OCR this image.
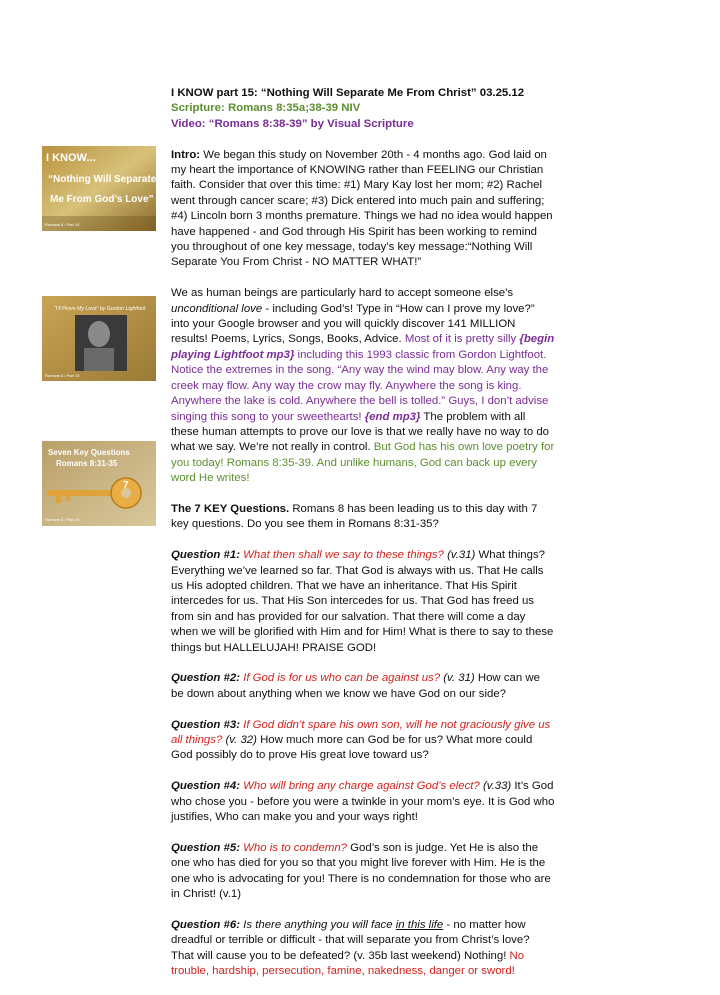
I KNOW...
“Nothing Will Separate
Me From God’s Love”
Romans 8 / Part 15
“I’ll Prove My Love” by Gordon Lightfoot
Romans 8 / Part 15
Seven Key Questions
Romans 8:31-35
7
Romans 8 / Part 15

I KNOW part 15: “Nothing Will Separate Me From Christ” 03.25.12

Scripture: Romans 8:35a;38-39 NIV

Video: “Romans 8:38-39” by Visual Scripture

Intro: We began this study on November 20th - 4 months ago. God laid on my heart the importance of KNOWING rather than FEELING our Christian faith. Consider that over this time: #1) Mary Kay lost her mom; #2) Rachel went through cancer scare; #3) Dick entered into much pain and suffering; #4) Lincoln born 3 months premature. Things we had no idea would happen have happened - and God through His Spirit has been working to remind you throughout of one key message, today’s key message:“Nothing Will Separate You From Christ - NO MATTER WHAT!”

We as human beings are particularly hard to accept someone else’s unconditional love - including God’s! Type in “How can I prove my love?” into your Google browser and you will quickly discover 141 MILLION results! Poems, Lyrics, Songs, Books, Advice. Most of it is pretty silly {begin playing Lightfoot mp3} including this 1993 classic from Gordon Lightfoot. Notice the extremes in the song. “Any way the wind may blow. Any way the creek may flow. Any way the crow may fly. Anywhere the song is king. Anywhere the lake is cold. Anywhere the bell is tolled.” Guys, I don’t advise singing this song to your sweethearts! {end mp3} The problem with all these human attempts to prove our love is that we really have no way to do what we say. We’re not really in control. But God has his own love poetry for you today! Romans 8:35-39. And unlike humans, God can back up every word He writes!

The 7 KEY Questions. Romans 8 has been leading us to this day with 7 key questions. Do you see them in Romans 8:31-35?

Question #1: What then shall we say to these things? (v.31) What things? Everything we’ve learned so far. That God is always with us. That He calls us His adopted children. That we have an inheritance. That His Spirit intercedes for us. That His Son intercedes for us. That God has freed us from sin and has provided for our salvation. That there will come a day when we will be glorified with Him and for Him! What is there to say to these things but HALLELUJAH! PRAISE GOD!

Question #2: If God is for us who can be against us? (v. 31) How can we be down about anything when we know we have God on our side?

Question #3: If God didn’t spare his own son, will he not graciously give us all things? (v. 32) How much more can God be for us? What more could God possibly do to prove His great love toward us?

Question #4: Who will bring any charge against God’s elect? (v.33) It’s God who chose you - before you were a twinkle in your mom’s eye. It is God who justifies, Who can make you and your ways right!

Question #5: Who is to condemn? God’s son is judge. Yet He is also the one who has died for you so that you might live forever with Him. He is the one who is advocating for you! There is no condemnation for those who are in Christ! (v.1)

Question #6: Is there anything you will face in this life - no matter how dreadful or terrible or difficult - that will separate you from Christ’s love? That will cause you to be defeated? (v. 35b last weekend) Nothing! No trouble, hardship, persecution, famine, nakedness, danger or sword!
